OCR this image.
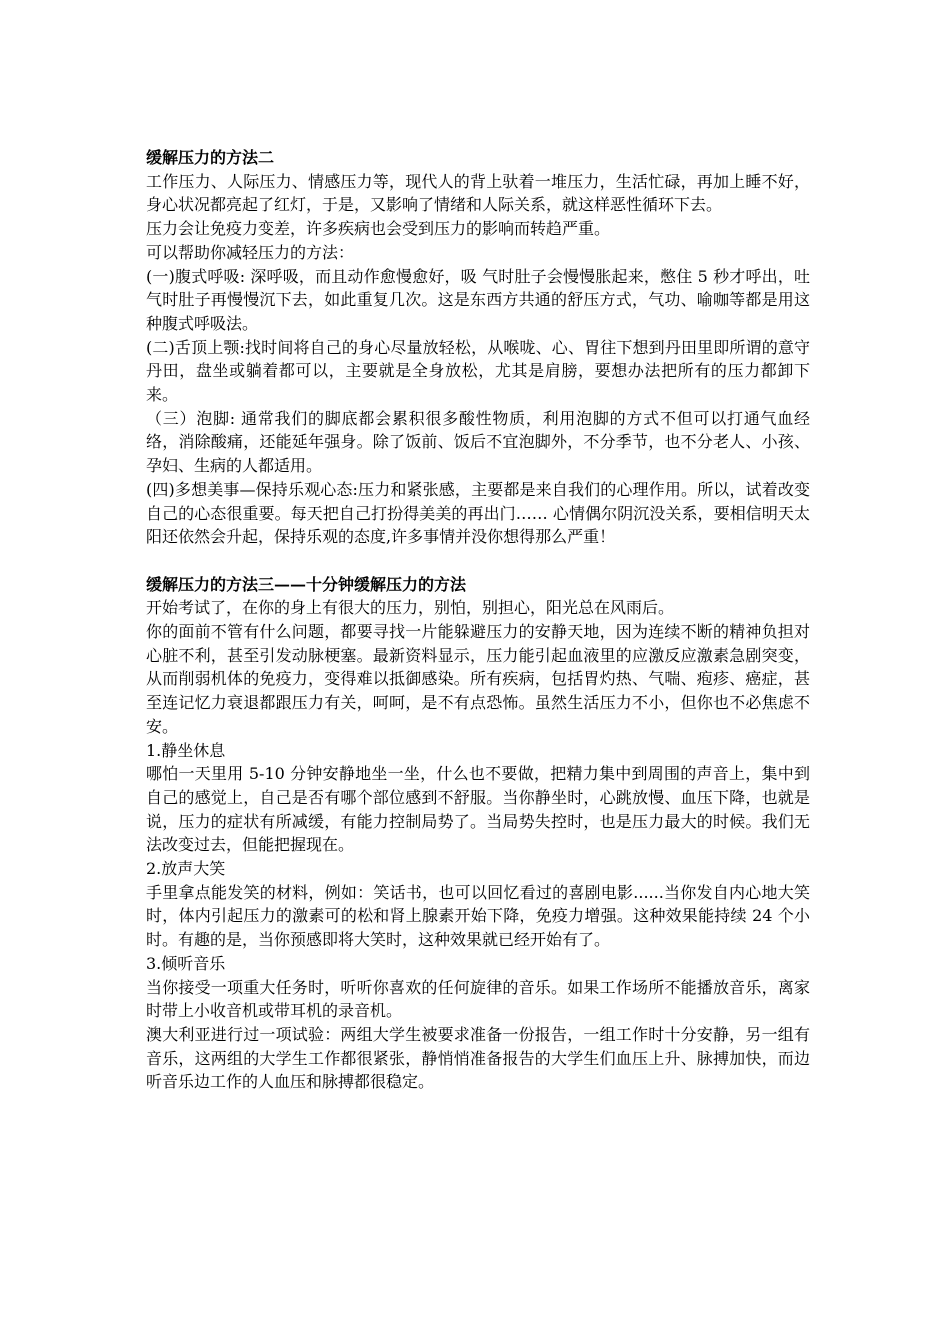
缓解压力的方法二

工作压力、人际压力、情感压力等，现代人的背上驮着一堆压力，生活忙碌，再加上睡不好，身心状况都亮起了红灯，于是，又影响了情绪和人际关系，就这样恶性循环下去。

压力会让免疫力变差，许多疾病也会受到压力的影响而转趋严重。

可以帮助你减轻压力的方法：

(一)腹式呼吸: 深呼吸，而且动作愈慢愈好，吸 气时肚子会慢慢胀起来，憋住 5 秒才呼出，吐气时肚子再慢慢沉下去，如此重复几次。这是东西方共通的舒压方式，气功、喻咖等都是用这种腹式呼吸法。

(二)舌顶上颚:找时间将自己的身心尽量放轻松，从喉咙、心、胃往下想到丹田里即所谓的意守丹田，盘坐或躺着都可以，主要就是全身放松，尤其是肩膀，要想办法把所有的压力都卸下来。

（三）泡脚: 通常我们的脚底都会累积很多酸性物质，利用泡脚的方式不但可以打通气血经络，消除酸痛，还能延年强身。除了饭前、饭后不宜泡脚外，不分季节，也不分老人、小孩、孕妇、生病的人都适用。

(四)多想美事—保持乐观心态:压力和紧张感，主要都是来自我们的心理作用。所以，试着改变自己的心态很重要。每天把自己打扮得美美的再出门…… 心情偶尔阴沉没关系，要相信明天太阳还依然会升起，保持乐观的态度,许多事情并没你想得那么严重！

缓解压力的方法三——十分钟缓解压力的方法

开始考试了，在你的身上有很大的压力，别怕，别担心，阳光总在风雨后。

你的面前不管有什么问题，都要寻找一片能躲避压力的安静天地，因为连续不断的精神负担对心脏不利，甚至引发动脉梗塞。最新资料显示，压力能引起血液里的应激反应激素急剧突变，从而削弱机体的免疫力，变得难以抵御感染。所有疾病，包括胃灼热、气喘、疱疹、癌症，甚至连记忆力衰退都跟压力有关，呵呵，是不有点恐怖。虽然生活压力不小，但你也不必焦虑不安。

1.静坐休息

哪怕一天里用 5-10 分钟安静地坐一坐，什么也不要做，把精力集中到周围的声音上，集中到自己的感觉上，自己是否有哪个部位感到不舒服。当你静坐时，心跳放慢、血压下降，也就是说，压力的症状有所减缓，有能力控制局势了。当局势失控时，也是压力最大的时候。我们无法改变过去，但能把握现在。

2.放声大笑

手里拿点能发笑的材料，例如：笑话书，也可以回忆看过的喜剧电影......当你发自内心地大笑时，体内引起压力的激素可的松和肾上腺素开始下降，免疫力增强。这种效果能持续 24 个小时。有趣的是，当你预感即将大笑时，这种效果就已经开始有了。

3.倾听音乐

当你接受一项重大任务时，听听你喜欢的任何旋律的音乐。如果工作场所不能播放音乐，离家时带上小收音机或带耳机的录音机。

澳大利亚进行过一项试验：两组大学生被要求准备一份报告，一组工作时十分安静，另一组有音乐，这两组的大学生工作都很紧张，静悄悄准备报告的大学生们血压上升、脉搏加快，而边听音乐边工作的人血压和脉搏都很稳定。
